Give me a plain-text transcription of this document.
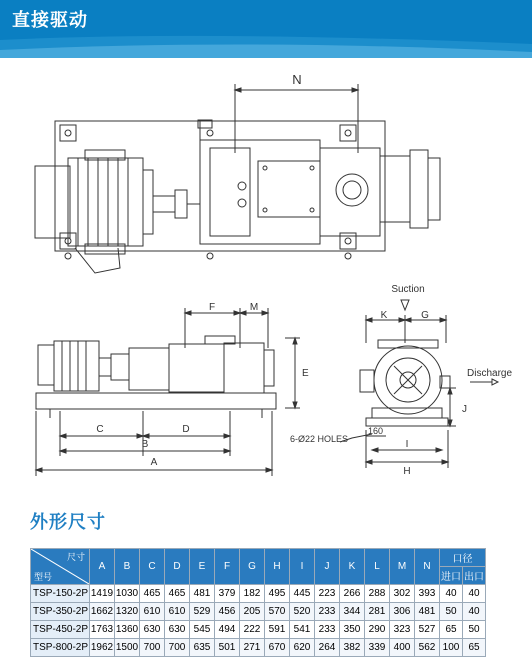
直接驱动
N
F	M
E
C	D
B
A
6-Ø22 HOLES
Suction
K	G
Discharge
J
160
I
H
外形尺寸
尺寸
型号	A	B	C	D	E	F	G	H	I	J	K	L	M	N	口径	
															进口	出口
TSP-150-2P	1419	1030	465	465	481	379	182	495	445	223	266	288	302	393	40	40
TSP-350-2P	1662	1320	610	610	529	456	205	570	520	233	344	281	306	481	50	40
TSP-450-2P	1763	1360	630	630	545	494	222	591	541	233	350	290	323	527	65	50
TSP-800-2P	1962	1500	700	700	635	501	271	670	620	264	382	339	400	562	100	65
